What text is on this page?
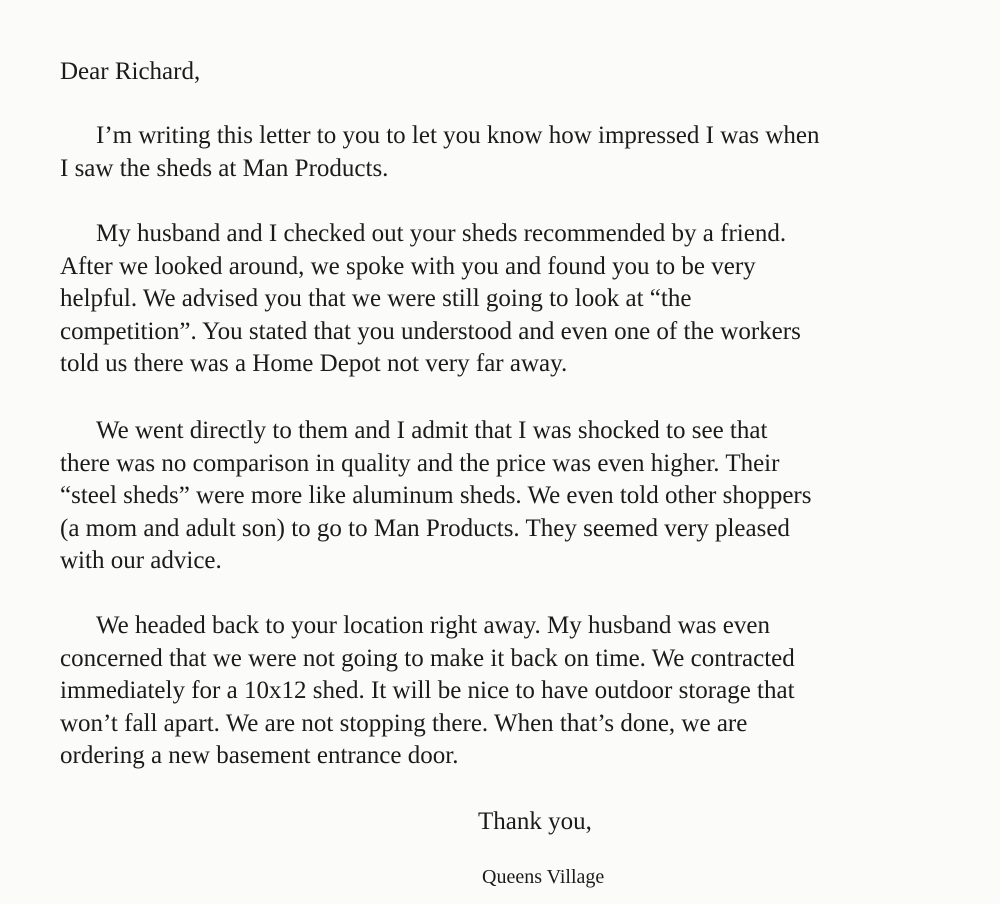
Dear Richard,

I’m writing this letter to you to let you know how impressed I was when
I saw the sheds at Man Products.

My husband and I checked out your sheds recommended by a friend.
After we looked around, we spoke with you and found you to be very
helpful. We advised you that we were still going to look at “the
competition”. You stated that you understood and even one of the workers
told us there was a Home Depot not very far away.

We went directly to them and I admit that I was shocked to see that
there was no comparison in quality and the price was even higher. Their
“steel sheds” were more like aluminum sheds. We even told other shoppers
(a mom and adult son) to go to Man Products. They seemed very pleased
with our advice.

We headed back to your location right away. My husband was even
concerned that we were not going to make it back on time. We contracted
immediately for a 10x12 shed. It will be nice to have outdoor storage that
won’t fall apart. We are not stopping there. When that’s done, we are
ordering a new basement entrance door.

Thank you,

Queens Village
